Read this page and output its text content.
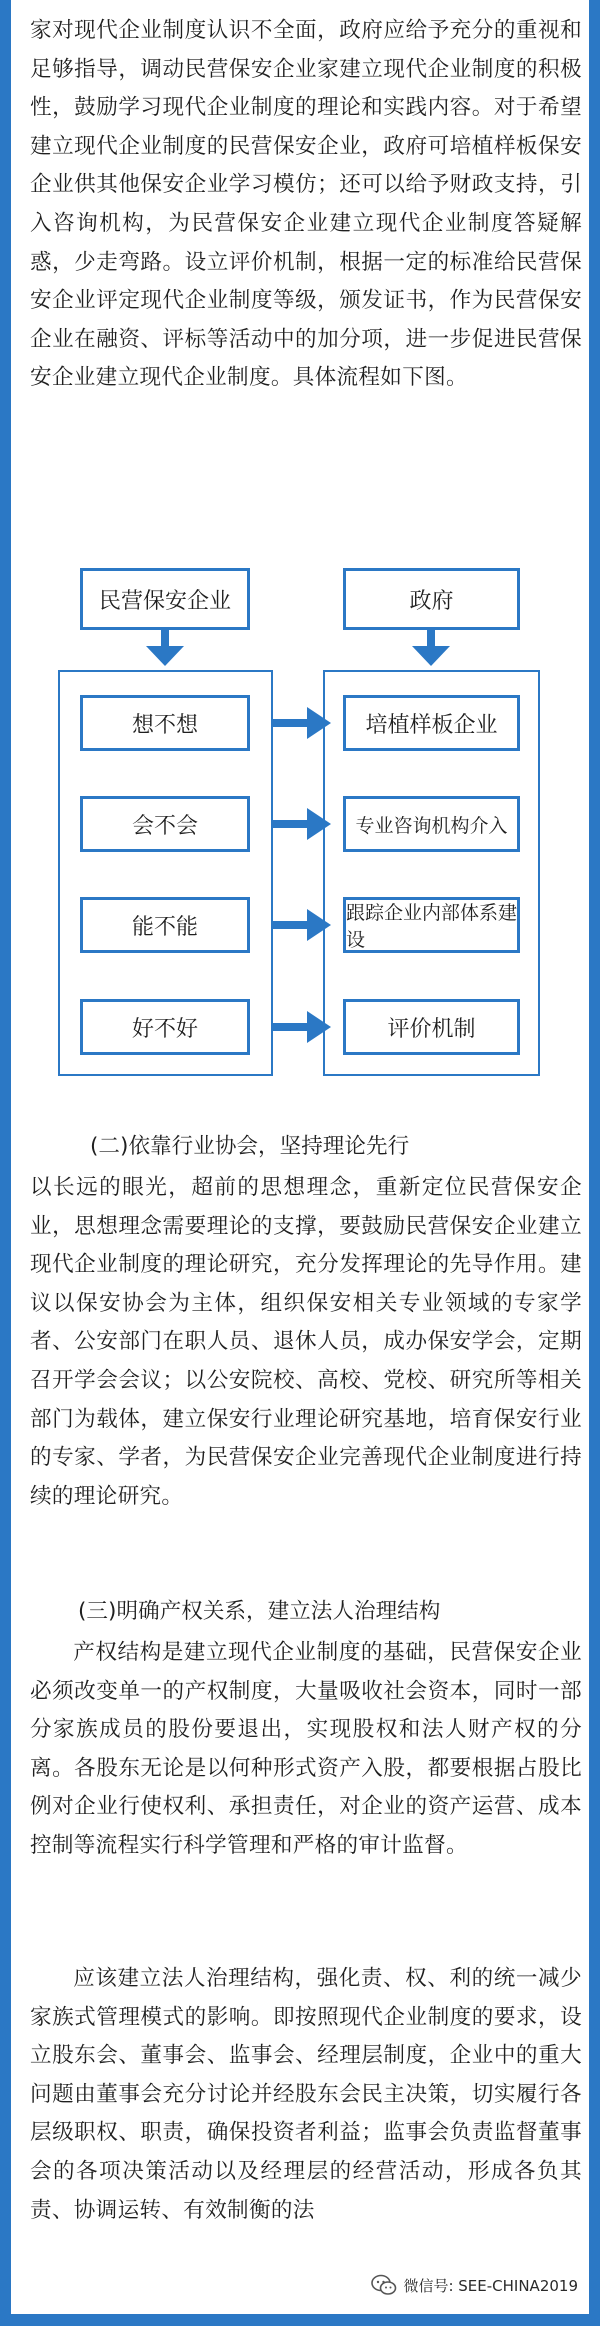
家对现代企业制度认识不全面，政府应给予充分的重视和足够指导，调动民营保安企业家建立现代企业制度的积极性，鼓励学习现代企业制度的理论和实践内容。对于希望建立现代企业制度的民营保安企业，政府可培植样板保安企业供其他保安企业学习模仿；还可以给予财政支持，引入咨询机构，为民营保安企业建立现代企业制度答疑解惑，少走弯路。设立评价机制，根据一定的标准给民营保安企业评定现代企业制度等级，颁发证书，作为民营保安企业在融资、评标等活动中的加分项，进一步促进民营保安企业建立现代企业制度。具体流程如下图。

(二)依靠行业协会，坚持理论先行

以长远的眼光，超前的思想理念，重新定位民营保安企业，思想理念需要理论的支撑，要鼓励民营保安企业建立现代企业制度的理论研究，充分发挥理论的先导作用。建议以保安协会为主体，组织保安相关专业领域的专家学者、公安部门在职人员、退休人员，成办保安学会，定期召开学会会议；以公安院校、高校、党校、研究所等相关部门为载体，建立保安行业理论研究基地，培育保安行业的专家、学者，为民营保安企业完善现代企业制度进行持续的理论研究。

(三)明确产权关系，建立法人治理结构

产权结构是建立现代企业制度的基础，民营保安企业必须改变单一的产权制度，大量吸收社会资本，同时一部分家族成员的股份要退出，实现股权和法人财产权的分离。各股东无论是以何种形式资产入股，都要根据占股比例对企业行使权利、承担责任，对企业的资产运营、成本控制等流程实行科学管理和严格的审计监督。

应该建立法人治理结构，强化责、权、利的统一减少家族式管理模式的影响。即按照现代企业制度的要求，设立股东会、董事会、监事会、经理层制度，企业中的重大问题由董事会充分讨论并经股东会民主决策，切实履行各层级职权、职责，确保投资者利益；监事会负责监督董事会的各项决策活动以及经理层的经营活动，形成各负其责、协调运转、有效制衡的法

民营保安企业	政府
想不想
会不会
能不能
好不好
培植样板企业
专业咨询机构介入
跟踪企业内部体系建设
评价机制
微信号: SEE-CHINA2019
